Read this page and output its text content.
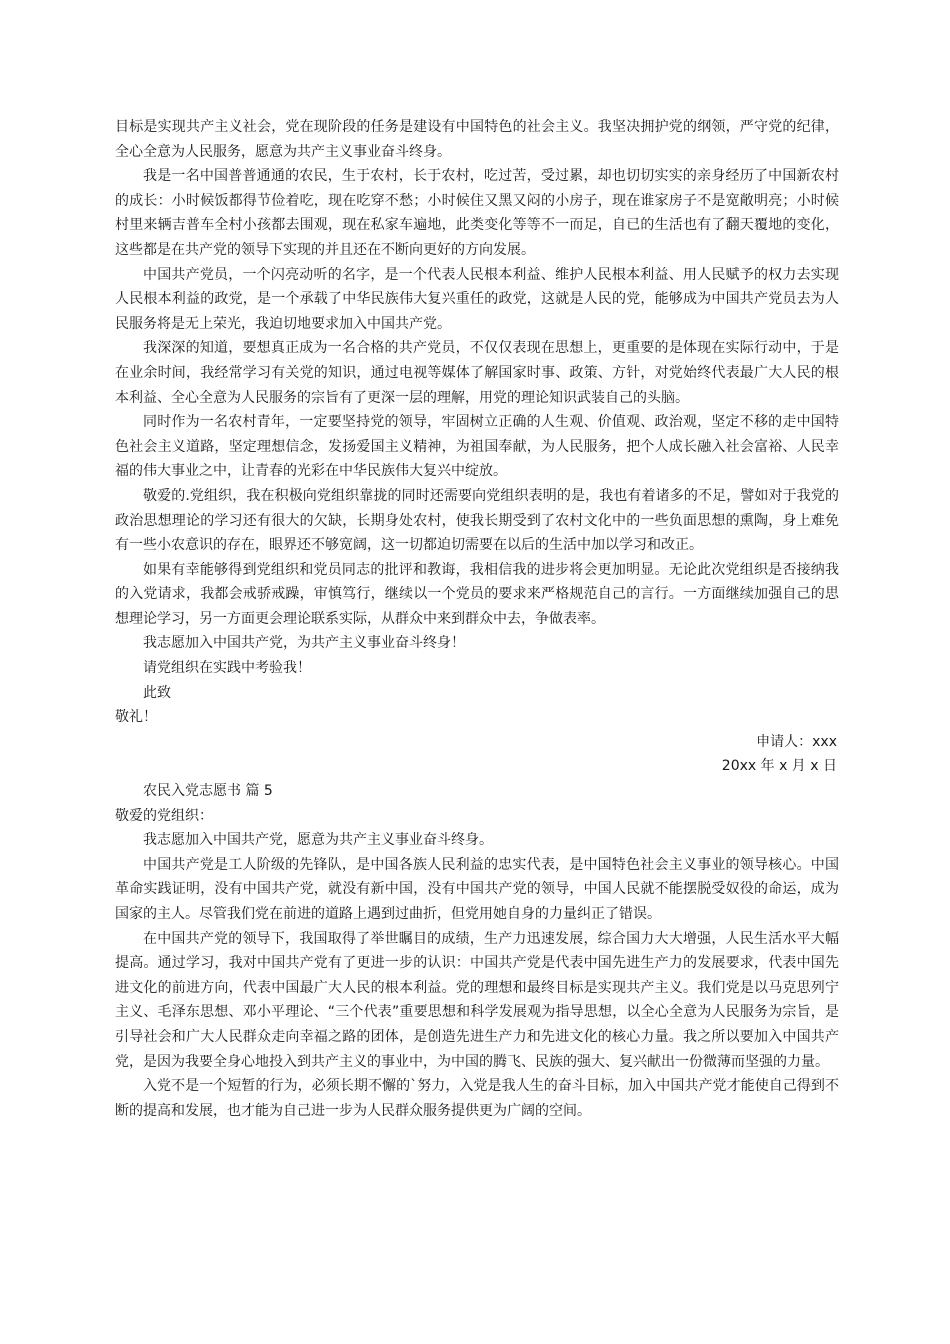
目标是实现共产主义社会，党在现阶段的任务是建设有中国特色的社会主义。我坚决拥护党的纲领，严守党的纪律，全心全意为人民服务，愿意为共产主义事业奋斗终身。

我是一名中国普普通通的农民，生于农村，长于农村，吃过苦，受过累，却也切切实实的亲身经历了中国新农村的成长：小时候饭都得节俭着吃，现在吃穿不愁；小时候住又黑又闷的小房子，现在谁家房子不是宽敞明亮；小时候村里来辆吉普车全村小孩都去围观，现在私家车遍地，此类变化等等不一而足，自已的生活也有了翻天覆地的变化，这些都是在共产党的领导下实现的并且还在不断向更好的方向发展。

中国共产党员，一个闪亮动听的名字，是一个代表人民根本利益、维护人民根本利益、用人民赋予的权力去实现人民根本利益的政党，是一个承载了中华民族伟大复兴重任的政党，这就是人民的党，能够成为中国共产党员去为人民服务将是无上荣光，我迫切地要求加入中国共产党。

我深深的知道，要想真正成为一名合格的共产党员，不仅仅表现在思想上，更重要的是体现在实际行动中，于是在业余时间，我经常学习有关党的知识，通过电视等媒体了解国家时事、政策、方针，对党始终代表最广大人民的根本利益、全心全意为人民服务的宗旨有了更深一层的理解，用党的理论知识武装自己的头脑。

同时作为一名农村青年，一定要坚持党的领导，牢固树立正确的人生观、价值观、政治观，坚定不移的走中国特色社会主义道路，坚定理想信念，发扬爱国主义精神，为祖国奉献，为人民服务，把个人成长融入社会富裕、人民幸福的伟大事业之中，让青春的光彩在中华民族伟大复兴中绽放。

敬爱的.党组织，我在积极向党组织靠拢的同时还需要向党组织表明的是，我也有着诸多的不足，譬如对于我党的政治思想理论的学习还有很大的欠缺，长期身处农村，使我长期受到了农村文化中的一些负面思想的熏陶，身上难免有一些小农意识的存在，眼界还不够宽阔，这一切都迫切需要在以后的生活中加以学习和改正。

如果有幸能够得到党组织和党员同志的批评和教诲，我相信我的进步将会更加明显。无论此次党组织是否接纳我的入党请求，我都会戒骄戒躁，审慎笃行，继续以一个党员的要求来严格规范自己的言行。一方面继续加强自己的思想理论学习，另一方面更会理论联系实际，从群众中来到群众中去，争做表率。

我志愿加入中国共产党，为共产主义事业奋斗终身！

请党组织在实践中考验我！

此致

敬礼！

申请人：xxx

20xx 年 x 月 x 日

农民入党志愿书 篇 5

敬爱的党组织：

我志愿加入中国共产党，愿意为共产主义事业奋斗终身。

中国共产党是工人阶级的先锋队，是中国各族人民利益的忠实代表，是中国特色社会主义事业的领导核心。中国革命实践证明，没有中国共产党，就没有新中国，没有中国共产党的领导，中国人民就不能摆脱受奴役的命运，成为国家的主人。尽管我们党在前进的道路上遇到过曲折，但党用她自身的力量纠正了错误。

在中国共产党的领导下，我国取得了举世瞩目的成绩，生产力迅速发展，综合国力大大增强，人民生活水平大幅提高。通过学习，我对中国共产党有了更进一步的认识：中国共产党是代表中国先进生产力的发展要求，代表中国先进文化的前进方向，代表中国最广大人民的根本利益。党的理想和最终目标是实现共产主义。我们党是以马克思列宁主义、毛泽东思想、邓小平理论、“三个代表”重要思想和科学发展观为指导思想，以全心全意为人民服务为宗旨，是引导社会和广大人民群众走向幸福之路的团体，是创造先进生产力和先进文化的核心力量。我之所以要加入中国共产党，是因为我要全身心地投入到共产主义的事业中，为中国的腾飞、民族的强大、复兴献出一份微薄而坚强的力量。

入党不是一个短暂的行为，必须长期不懈的`努力，入党是我人生的奋斗目标，加入中国共产党才能使自己得到不断的提高和发展，也才能为自己进一步为人民群众服务提供更为广阔的空间。
